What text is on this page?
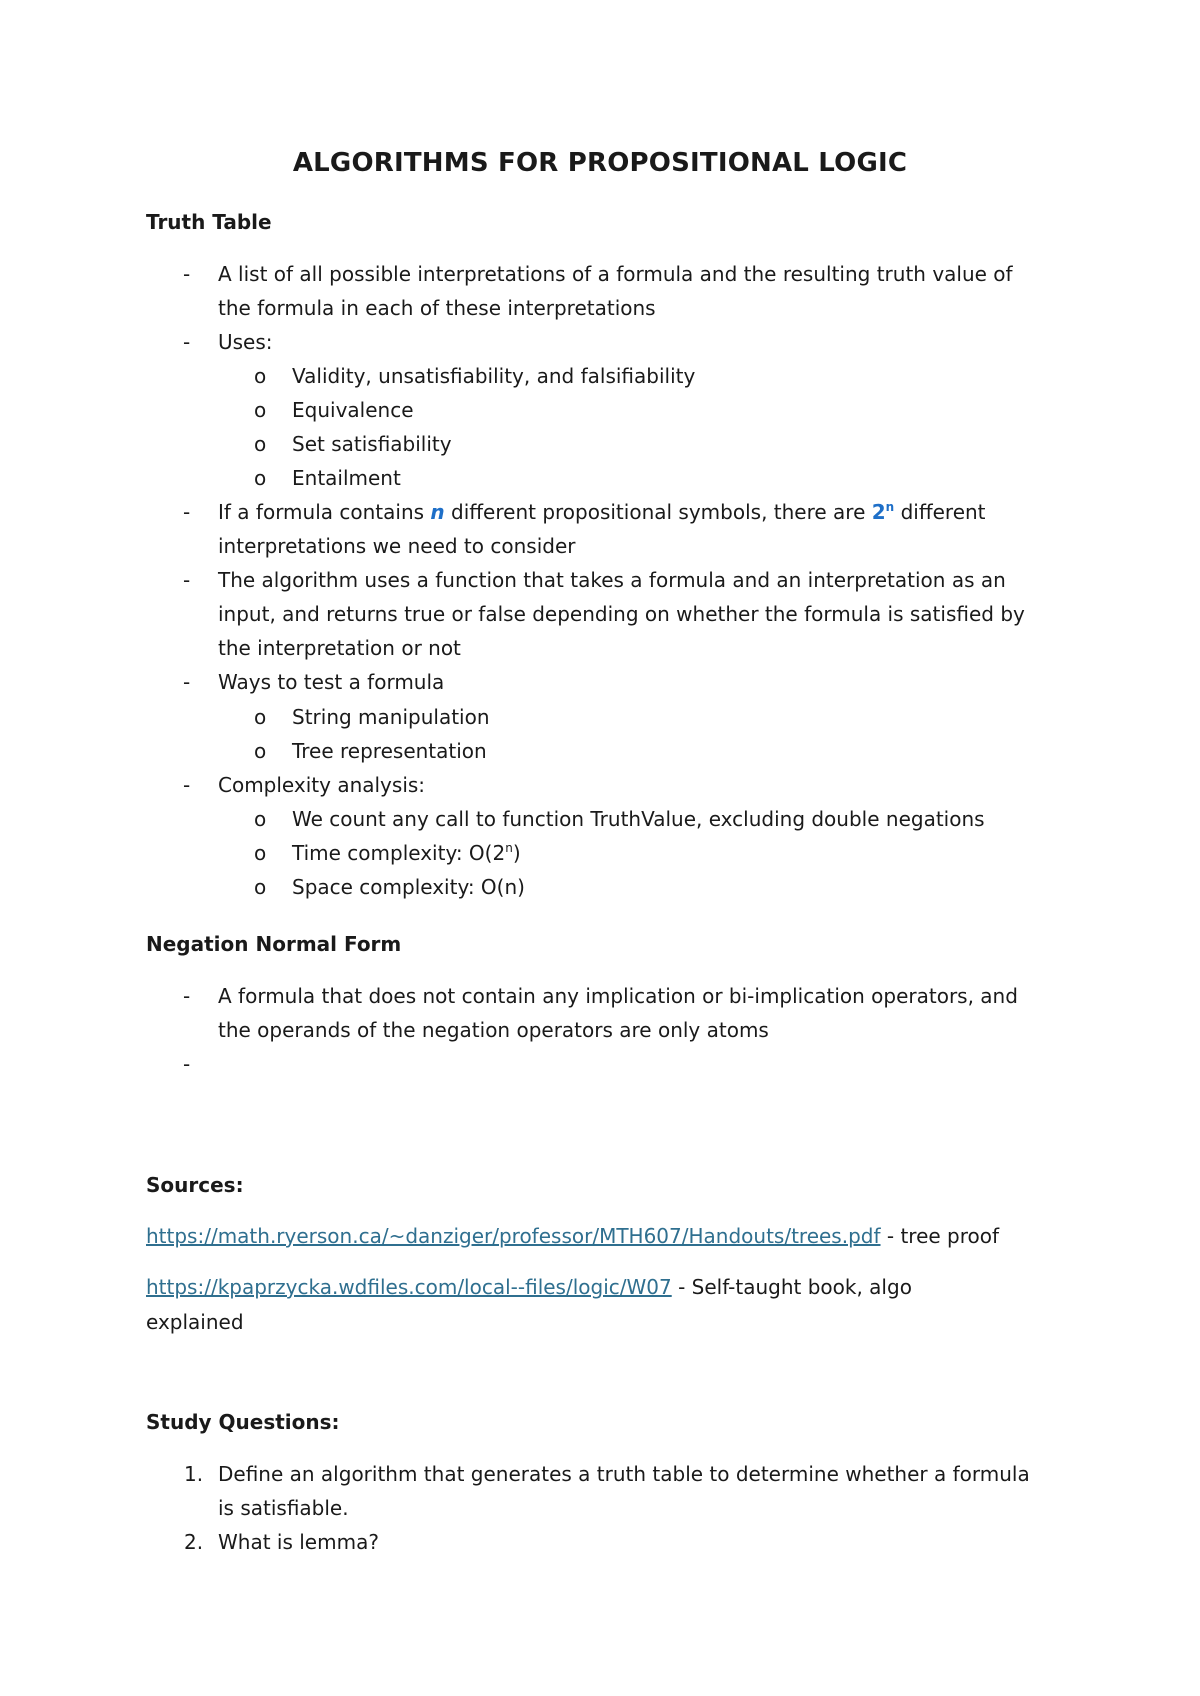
ALGORITHMS FOR PROPOSITIONAL LOGIC
Truth Table
- A list of all possible interpretations of a formula and the resulting truth value of
the formula in each of these interpretations
- Uses:
o Validity, unsatisfiability, and falsifiability
o Equivalence
o Set satisfiability
o Entailment
- If a formula contains n different propositional symbols, there are 2$^n$ different
interpretations we need to consider
- The algorithm uses a function that takes a formula and an interpretation as an
input, and returns true or false depending on whether the formula is satisfied by
the interpretation or not
- Ways to test a formula
o String manipulation
o Tree representation
- Complexity analysis:
o We count any call to function TruthValue, excluding double negations
o Time complexity: O(2$^n$)
o Space complexity: O(n)
Negation Normal Form
- A formula that does not contain any implication or bi-implication operators, and
the operands of the negation operators are only atoms
-
Sources:
https://math.ryerson.ca/~danziger/professor/MTH607/Handouts/trees.pdf - tree proof
https://kpaprzycka.wdfiles.com/local--files/logic/W07 - Self-taught book, algo
explained
Study Questions:
1. Define an algorithm that generates a truth table to determine whether a formula
is satisfiable.
2. What is lemma?
